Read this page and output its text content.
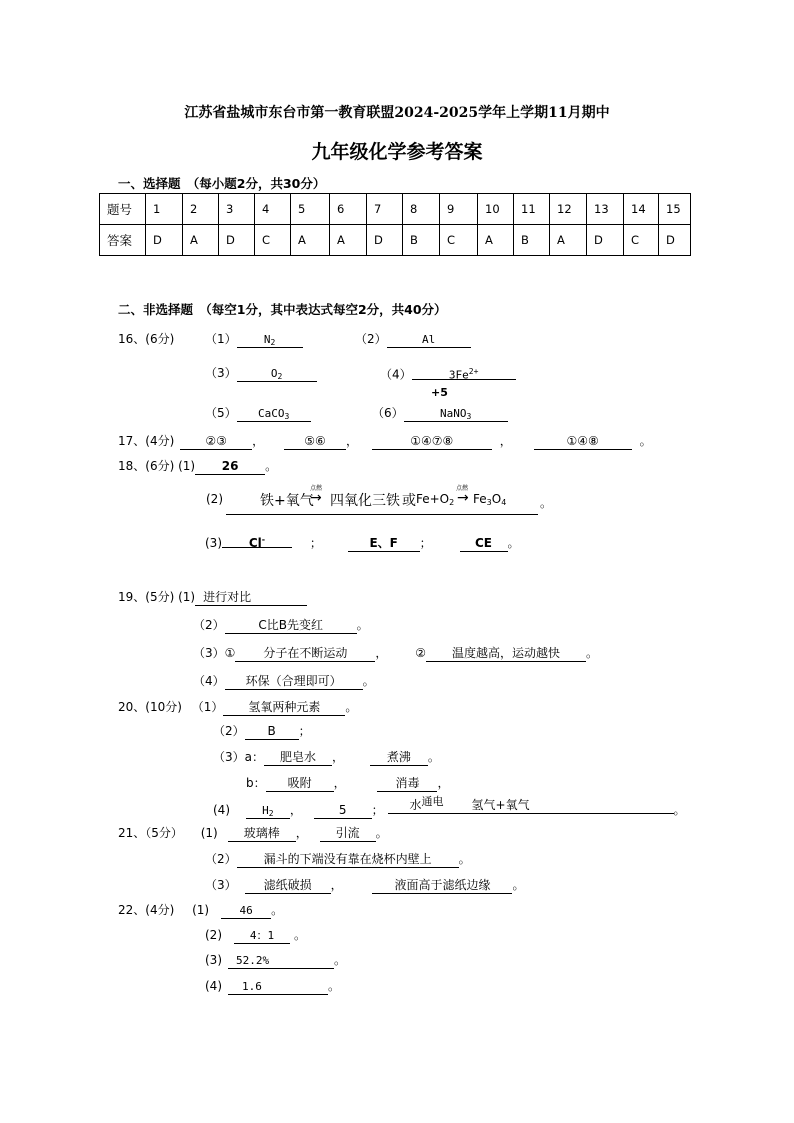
江苏省盐城市东台市第一教育联盟2024-2025学年上学期11月期中
九年级化学参考答案
一、选择题　（每小题2分，共30分）
题号	1	2	3	4	5	6	7	8	9	10	11	12	13	14	15
答案	D	A	D	C	A	A	D	B	C	A	B	A	D	C	D
二、非选择题　（每空1分，其中表达式每空2分，共40分）
16、(6分)	（1） $N_2$	（2）	Al
（3）	$O_2$	（4）	$3Fe^{2+}$
（5） CaCO$_3$
+5
（6）	NaNO$_3$
17、(4分)	②③ ，	⑤⑥ ，	①④⑦⑧	，	①④⑧	。
18、(6分) (1) 26 。
(2)	铁+氧气
点燃
→ 四氧化三铁 或 $Fe+O_2$
点燃
→ $Fe_3O_4$	。
(3) Cl-	；	E、F ；	CE 。
19、(5分) (1) 进行对比
（2）	C比B先变红	。
（3）① 分子在不断运动 ， ② 温度越高，运动越快 。
（4） 环保（合理即可） 。
20、(10分) （1） 氢氧两种元素 。
（2） B ；
（3）a： 肥皂水 ，	煮沸 。
b： 吸附 ，	消毒 ，
(4)	$H_2$ ，	5 ； 水 通电 氢气+氧气	。
21、（5分） (1) 玻璃棒 ， 引流 。
（2） 漏斗的下端没有靠在烧杯内壁上 。
（3） 滤纸破损 ，	液面高于滤纸边缘 。
22、(4分) (1)	46 。
(2)	4：1 。
(3) 52.2%	。
(4) 1.6	。
